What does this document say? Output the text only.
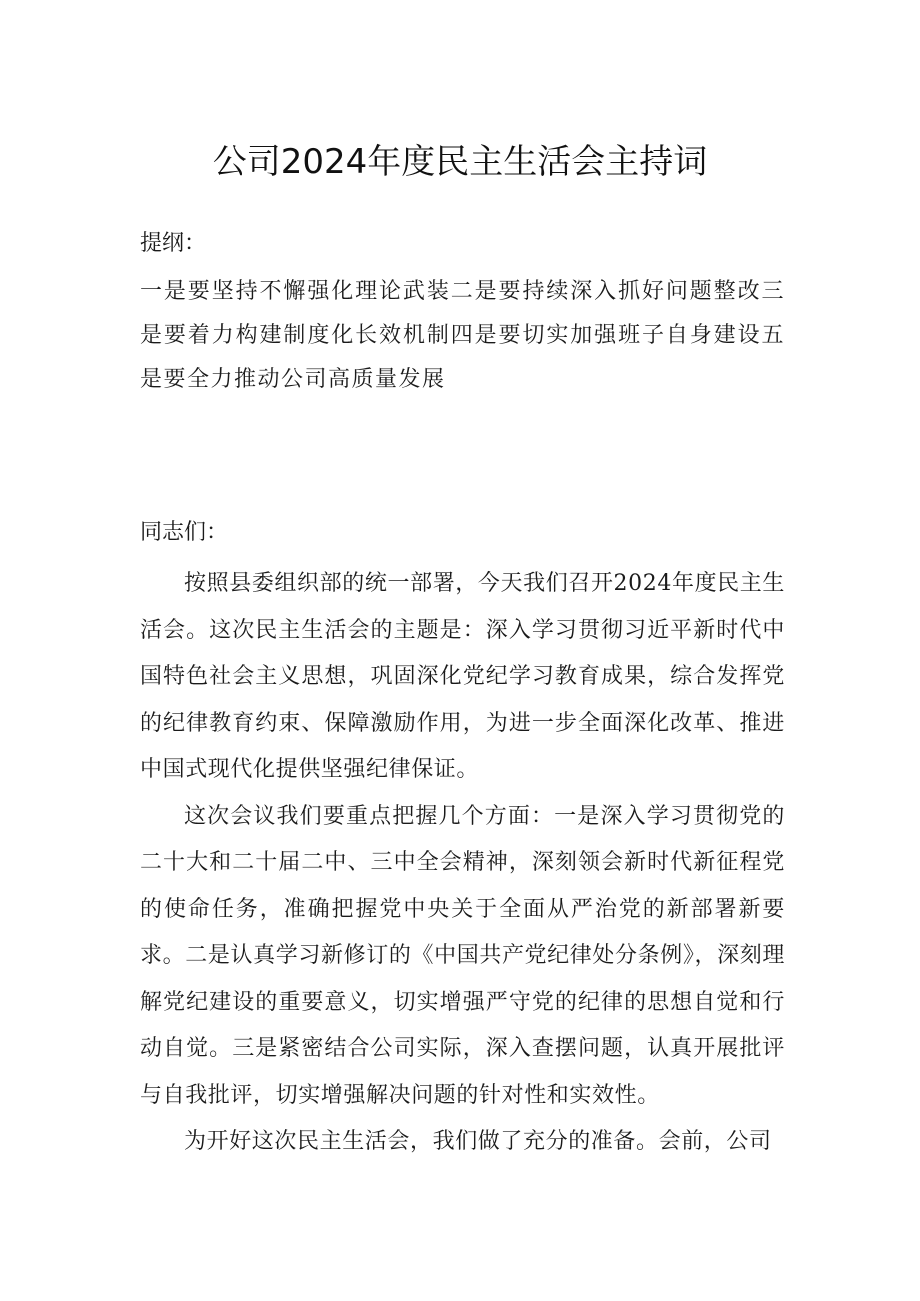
公司2024年度民主生活会主持词
提纲：
一是要坚持不懈强化理论武装二是要持续深入抓好问题整改三是要着力构建制度化长效机制四是要切实加强班子自身建设五是要全力推动公司高质量发展
同志们：

按照县委组织部的统一部署，今天我们召开2024年度民主生活会。这次民主生活会的主题是：深入学习贯彻习近平新时代中国特色社会主义思想，巩固深化党纪学习教育成果，综合发挥党的纪律教育约束、保障激励作用，为进一步全面深化改革、推进中国式现代化提供坚强纪律保证。

这次会议我们要重点把握几个方面：一是深入学习贯彻党的二十大和二十届二中、三中全会精神，深刻领会新时代新征程党的使命任务，准确把握党中央关于全面从严治党的新部署新要求。二是认真学习新修订的《中国共产党纪律处分条例》，深刻理解党纪建设的重要意义，切实增强严守党的纪律的思想自觉和行动自觉。三是紧密结合公司实际，深入查摆问题，认真开展批评与自我批评，切实增强解决问题的针对性和实效性。

为开好这次民主生活会，我们做了充分的准备。会前，公司
